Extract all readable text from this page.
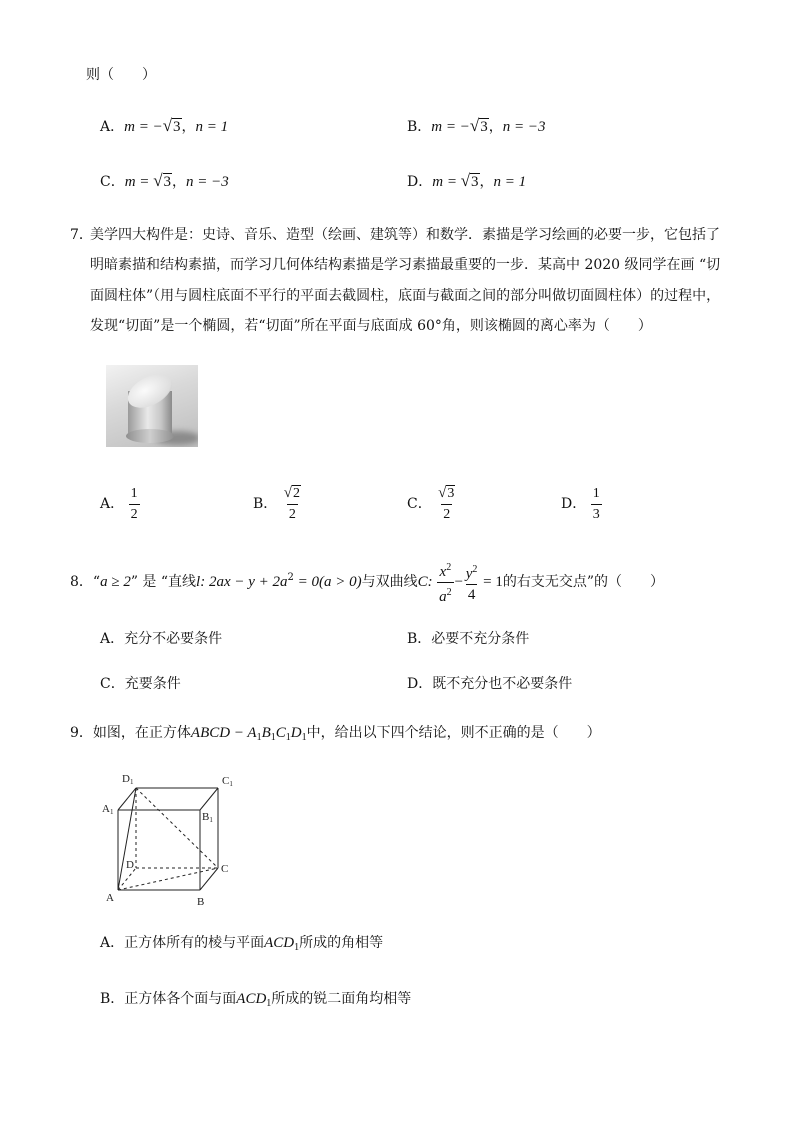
则（　　）
A．m = −√3，n = 1	B．m = −√3，n = −3
C．m = √3，n = −3	D．m = √3，n = 1
7．
美学四大构件是：史诗、音乐、造型（绘画、建筑等）和数学．素描是学习绘画的必要一步，它包括了
明暗素描和结构素描，而学习几何体结构素描是学习素描最重要的一步．某高中 2020 级同学在画 “切
面圆柱体”（用与圆柱底面不平行的平面去截圆柱，底面与截面之间的部分叫做切面圆柱体）的过程中，
发现“切面”是一个椭圆，若“切面”所在平面与底面成 60°角，则该椭圆的离心率为（　　）
A． $\frac{1}{2}$	B． $\frac{√2}{2}$	C． $\frac{√3}{2}$	D． $\frac{1}{3}$
8．“a ≥ 2” 是 “直线l: $2ax - y + 2a^2 = 0(a > 0)$与双曲线C: $\frac{x^2}{a^2} - \frac{y^2}{4} = 1$的右支无交点”的（　　）
A．充分不必要条件	B．必要不充分条件
C．充要条件	D．既不充分也不必要条件
9．如图，在正方体ABCD − $A_1B_1C_1D_1$中，给出以下四个结论，则不正确的是（　　）
D1	C1
A1	B1
D	C
A	B
A．正方体所有的棱与平面$ACD_1$所成的角相等
B．正方体各个面与面$ACD_1$所成的锐二面角均相等
